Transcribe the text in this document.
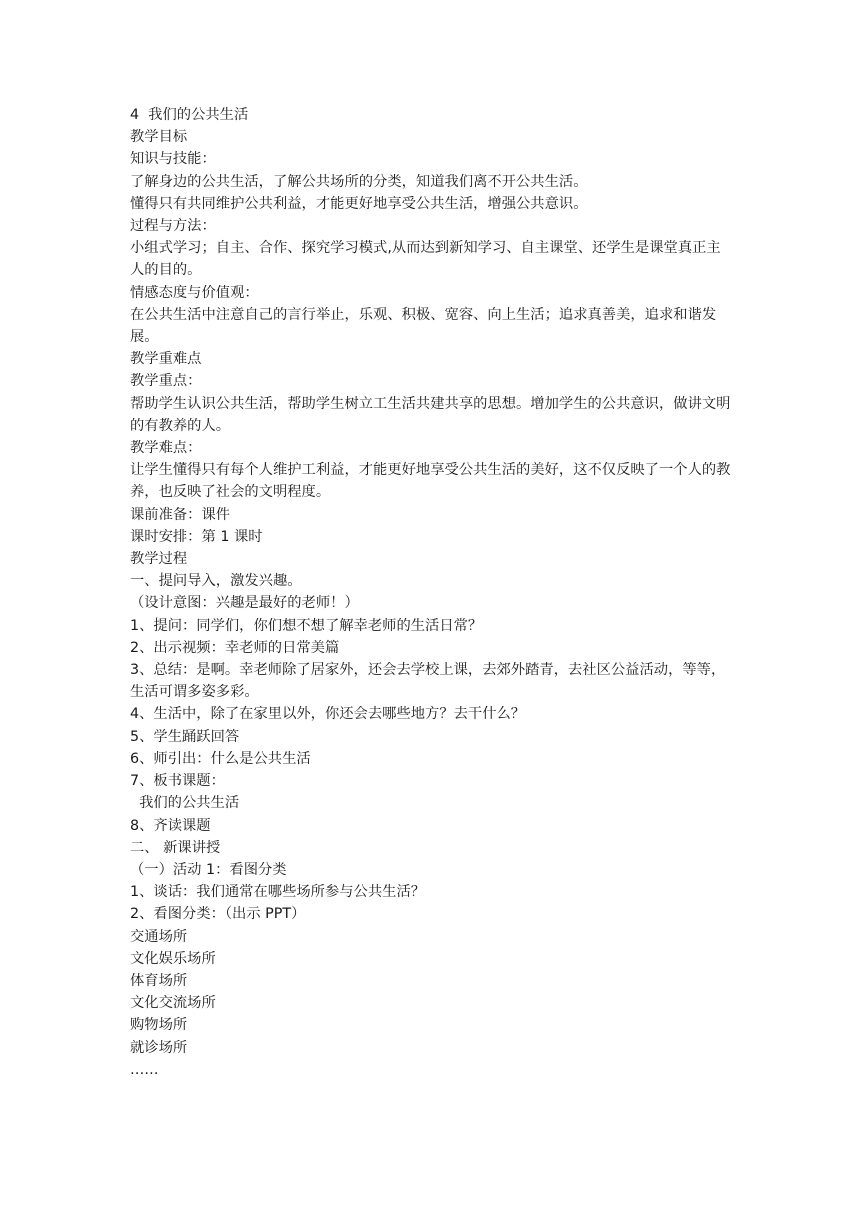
4  我们的公共生活

教学目标

知识与技能：

了解身边的公共生活，了解公共场所的分类，知道我们离不开公共生活。

懂得只有共同维护公共利益，才能更好地享受公共生活，增强公共意识。

过程与方法：

小组式学习；自主、合作、探究学习模式,从而达到新知学习、自主课堂、还学生是课堂真正主人的目的。

情感态度与价值观：

在公共生活中注意自己的言行举止，乐观、积极、宽容、向上生活；追求真善美，追求和谐发展。

教学重难点

教学重点：

帮助学生认识公共生活，帮助学生树立工生活共建共享的思想。增加学生的公共意识，做讲文明的有教养的人。

教学难点：

让学生懂得只有每个人维护工利益，才能更好地享受公共生活的美好，这不仅反映了一个人的教养，也反映了社会的文明程度。

课前准备：课件

课时安排：第 1 课时

教学过程

一、提问导入，激发兴趣。

（设计意图：兴趣是最好的老师！）

1、提问：同学们，你们想不想了解幸老师的生活日常？

2、出示视频：幸老师的日常美篇

3、总结：是啊。幸老师除了居家外，还会去学校上课，去郊外踏青，去社区公益活动，等等，生活可谓多姿多彩。

4、生活中，除了在家里以外，你还会去哪些地方？去干什么？

5、学生踊跃回答

6、师引出：什么是公共生活

7、板书课题：

我们的公共生活

8、齐读课题

二、 新课讲授

（一）活动 1：看图分类

1、谈话：我们通常在哪些场所参与公共生活？

2、看图分类：（出示 PPT）

交通场所

文化娱乐场所

体育场所

文化交流场所

购物场所

就诊场所

……
